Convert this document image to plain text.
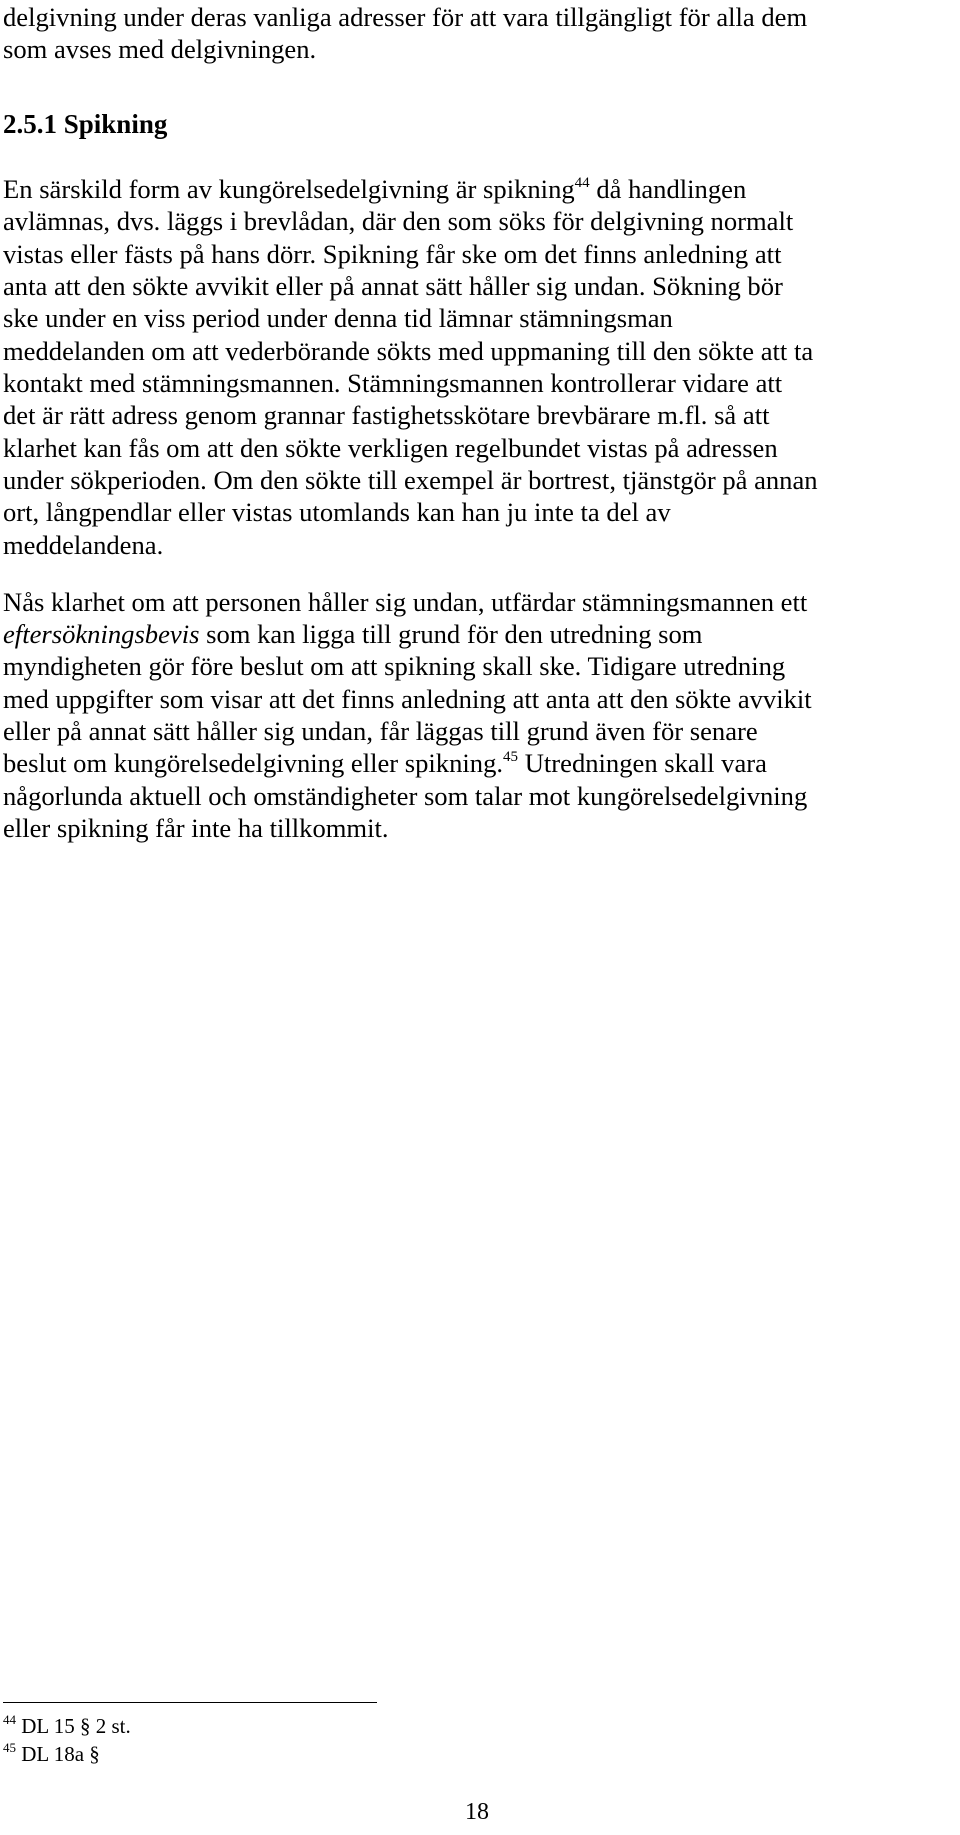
delgivning under deras vanliga adresser för att vara tillgängligt för alla dem
som avses med delgivningen.
2.5.1 Spikning
En särskild form av kungörelsedelgivning är spikning$^{44}$ då handlingen
avlämnas, dvs. läggs i brevlådan, där den som söks för delgivning normalt
vistas eller fästs på hans dörr. Spikning får ske om det finns anledning att
anta att den sökte avvikit eller på annat sätt håller sig undan. Sökning bör
ske under en viss period under denna tid lämnar stämningsman
meddelanden om att vederbörande sökts med uppmaning till den sökte att ta
kontakt med stämningsmannen. Stämningsmannen kontrollerar vidare att
det är rätt adress genom grannar fastighetsskötare brevbärare m.fl. så att
klarhet kan fås om att den sökte verkligen regelbundet vistas på adressen
under sökperioden. Om den sökte till exempel är bortrest, tjänstgör på annan
ort, långpendlar eller vistas utomlands kan han ju inte ta del av
meddelandena.
Nås klarhet om att personen håller sig undan, utfärdar stämningsmannen ett
eftersökningsbevis som kan ligga till grund för den utredning som
myndigheten gör före beslut om att spikning skall ske. Tidigare utredning
med uppgifter som visar att det finns anledning att anta att den sökte avvikit
eller på annat sätt håller sig undan, får läggas till grund även för senare
beslut om kungörelsedelgivning eller spikning.$^{45}$ Utredningen skall vara
någorlunda aktuell och omständigheter som talar mot kungörelsedelgivning
eller spikning får inte ha tillkommit.
$^{44}$ DL 15 § 2 st.
$^{45}$ DL 18a §
18
